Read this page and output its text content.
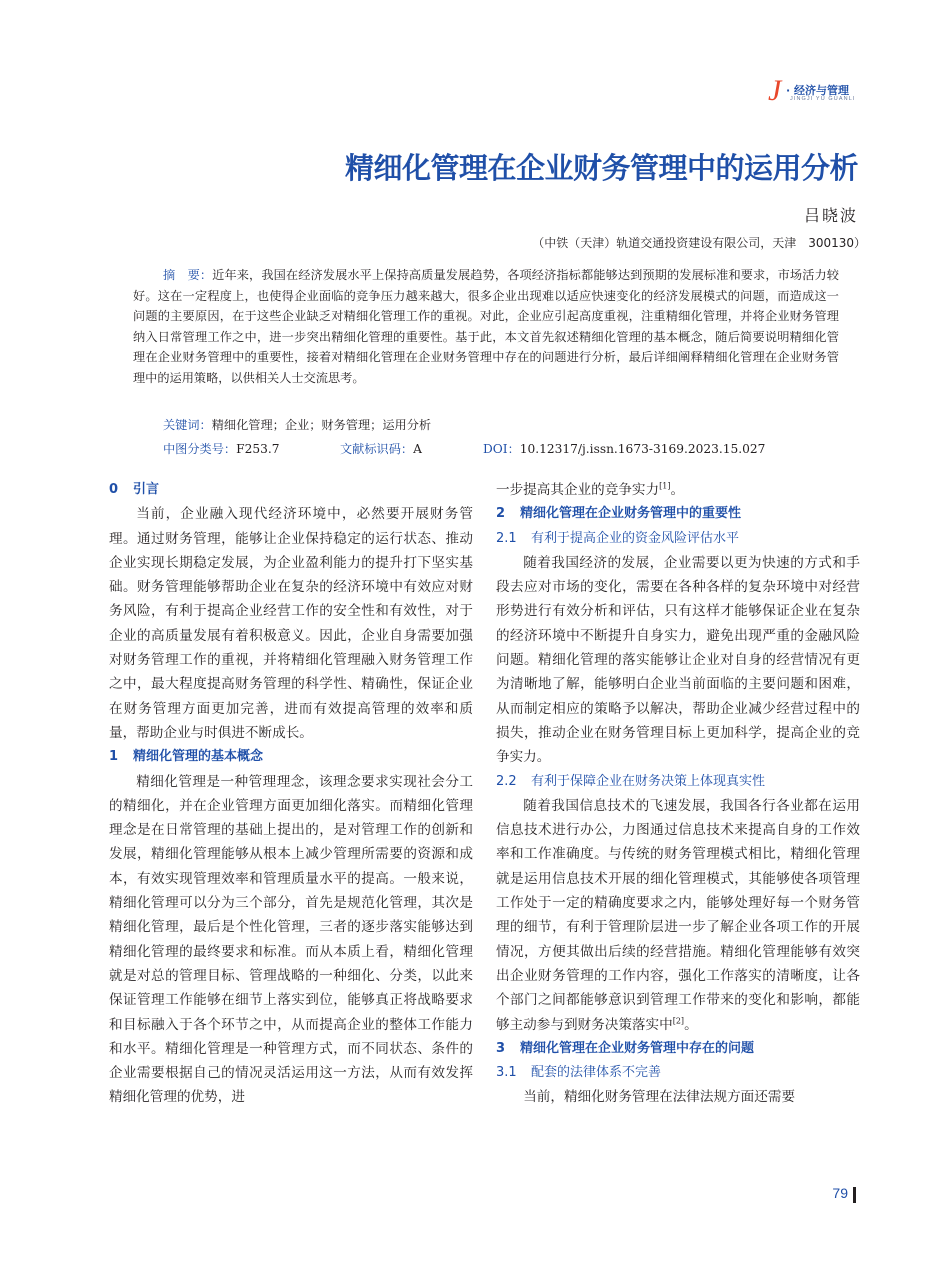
J · 经济与管理
JINGJI YU GUANLI
精细化管理在企业财务管理中的运用分析
吕晓波
（中铁（天津）轨道交通投资建设有限公司，天津　300130）
摘　要：近年来，我国在经济发展水平上保持高质量发展趋势，各项经济指标都能够达到预期的发展标准和要求，市场活力较好。这在一定程度上，也使得企业面临的竞争压力越来越大，很多企业出现难以适应快速变化的经济发展模式的问题，而造成这一问题的主要原因，在于这些企业缺乏对精细化管理工作的重视。对此，企业应引起高度重视，注重精细化管理，并将企业财务管理纳入日常管理工作之中，进一步突出精细化管理的重要性。基于此，本文首先叙述精细化管理的基本概念，随后简要说明精细化管理在企业财务管理中的重要性，接着对精细化管理在企业财务管理中存在的问题进行分析，最后详细阐释精细化管理在企业财务管理中的运用策略，以供相关人士交流思考。
关键词：精细化管理；企业；财务管理；运用分析
中图分类号：F253.7	文献标识码：A	DOI：10.12317/j.issn.1673-3169.2023.15.027
0 引言

当前，企业融入现代经济环境中，必然要开展财务管理。通过财务管理，能够让企业保持稳定的运行状态、推动企业实现长期稳定发展，为企业盈利能力的提升打下坚实基础。财务管理能够帮助企业在复杂的经济环境中有效应对财务风险，有利于提高企业经营工作的安全性和有效性，对于企业的高质量发展有着积极意义。因此，企业自身需要加强对财务管理工作的重视，并将精细化管理融入财务管理工作之中，最大程度提高财务管理的科学性、精确性，保证企业在财务管理方面更加完善，进而有效提高管理的效率和质量，帮助企业与时俱进不断成长。

1 精细化管理的基本概念

精细化管理是一种管理理念，该理念要求实现社会分工的精细化，并在企业管理方面更加细化落实。而精细化管理理念是在日常管理的基础上提出的，是对管理工作的创新和发展，精细化管理能够从根本上减少管理所需要的资源和成本，有效实现管理效率和管理质量水平的提高。一般来说，精细化管理可以分为三个部分，首先是规范化管理，其次是精细化管理，最后是个性化管理，三者的逐步落实能够达到精细化管理的最终要求和标准。而从本质上看，精细化管理就是对总的管理目标、管理战略的一种细化、分类，以此来保证管理工作能够在细节上落实到位，能够真正将战略要求和目标融入于各个环节之中，从而提高企业的整体工作能力和水平。精细化管理是一种管理方式，而不同状态、条件的企业需要根据自己的情况灵活运用这一方法，从而有效发挥精细化管理的优势，进

一步提高其企业的竞争实力[1]。

2 精细化管理在企业财务管理中的重要性
2.1 有利于提高企业的资金风险评估水平

随着我国经济的发展，企业需要以更为快速的方式和手段去应对市场的变化，需要在各种各样的复杂环境中对经营形势进行有效分析和评估，只有这样才能够保证企业在复杂的经济环境中不断提升自身实力，避免出现严重的金融风险问题。精细化管理的落实能够让企业对自身的经营情况有更为清晰地了解，能够明白企业当前面临的主要问题和困难，从而制定相应的策略予以解决，帮助企业减少经营过程中的损失，推动企业在财务管理目标上更加科学，提高企业的竞争实力。

2.2 有利于保障企业在财务决策上体现真实性

随着我国信息技术的飞速发展，我国各行各业都在运用信息技术进行办公，力图通过信息技术来提高自身的工作效率和工作准确度。与传统的财务管理模式相比，精细化管理就是运用信息技术开展的细化管理模式，其能够使各项管理工作处于一定的精确度要求之内，能够处理好每一个财务管理的细节，有利于管理阶层进一步了解企业各项工作的开展情况，方便其做出后续的经营措施。精细化管理能够有效突出企业财务管理的工作内容，强化工作落实的清晰度，让各个部门之间都能够意识到管理工作带来的变化和影响，都能够主动参与到财务决策落实中[2]。

3 精细化管理在企业财务管理中存在的问题
3.1 配套的法律体系不完善

当前，精细化财务管理在法律法规方面还需要

79
